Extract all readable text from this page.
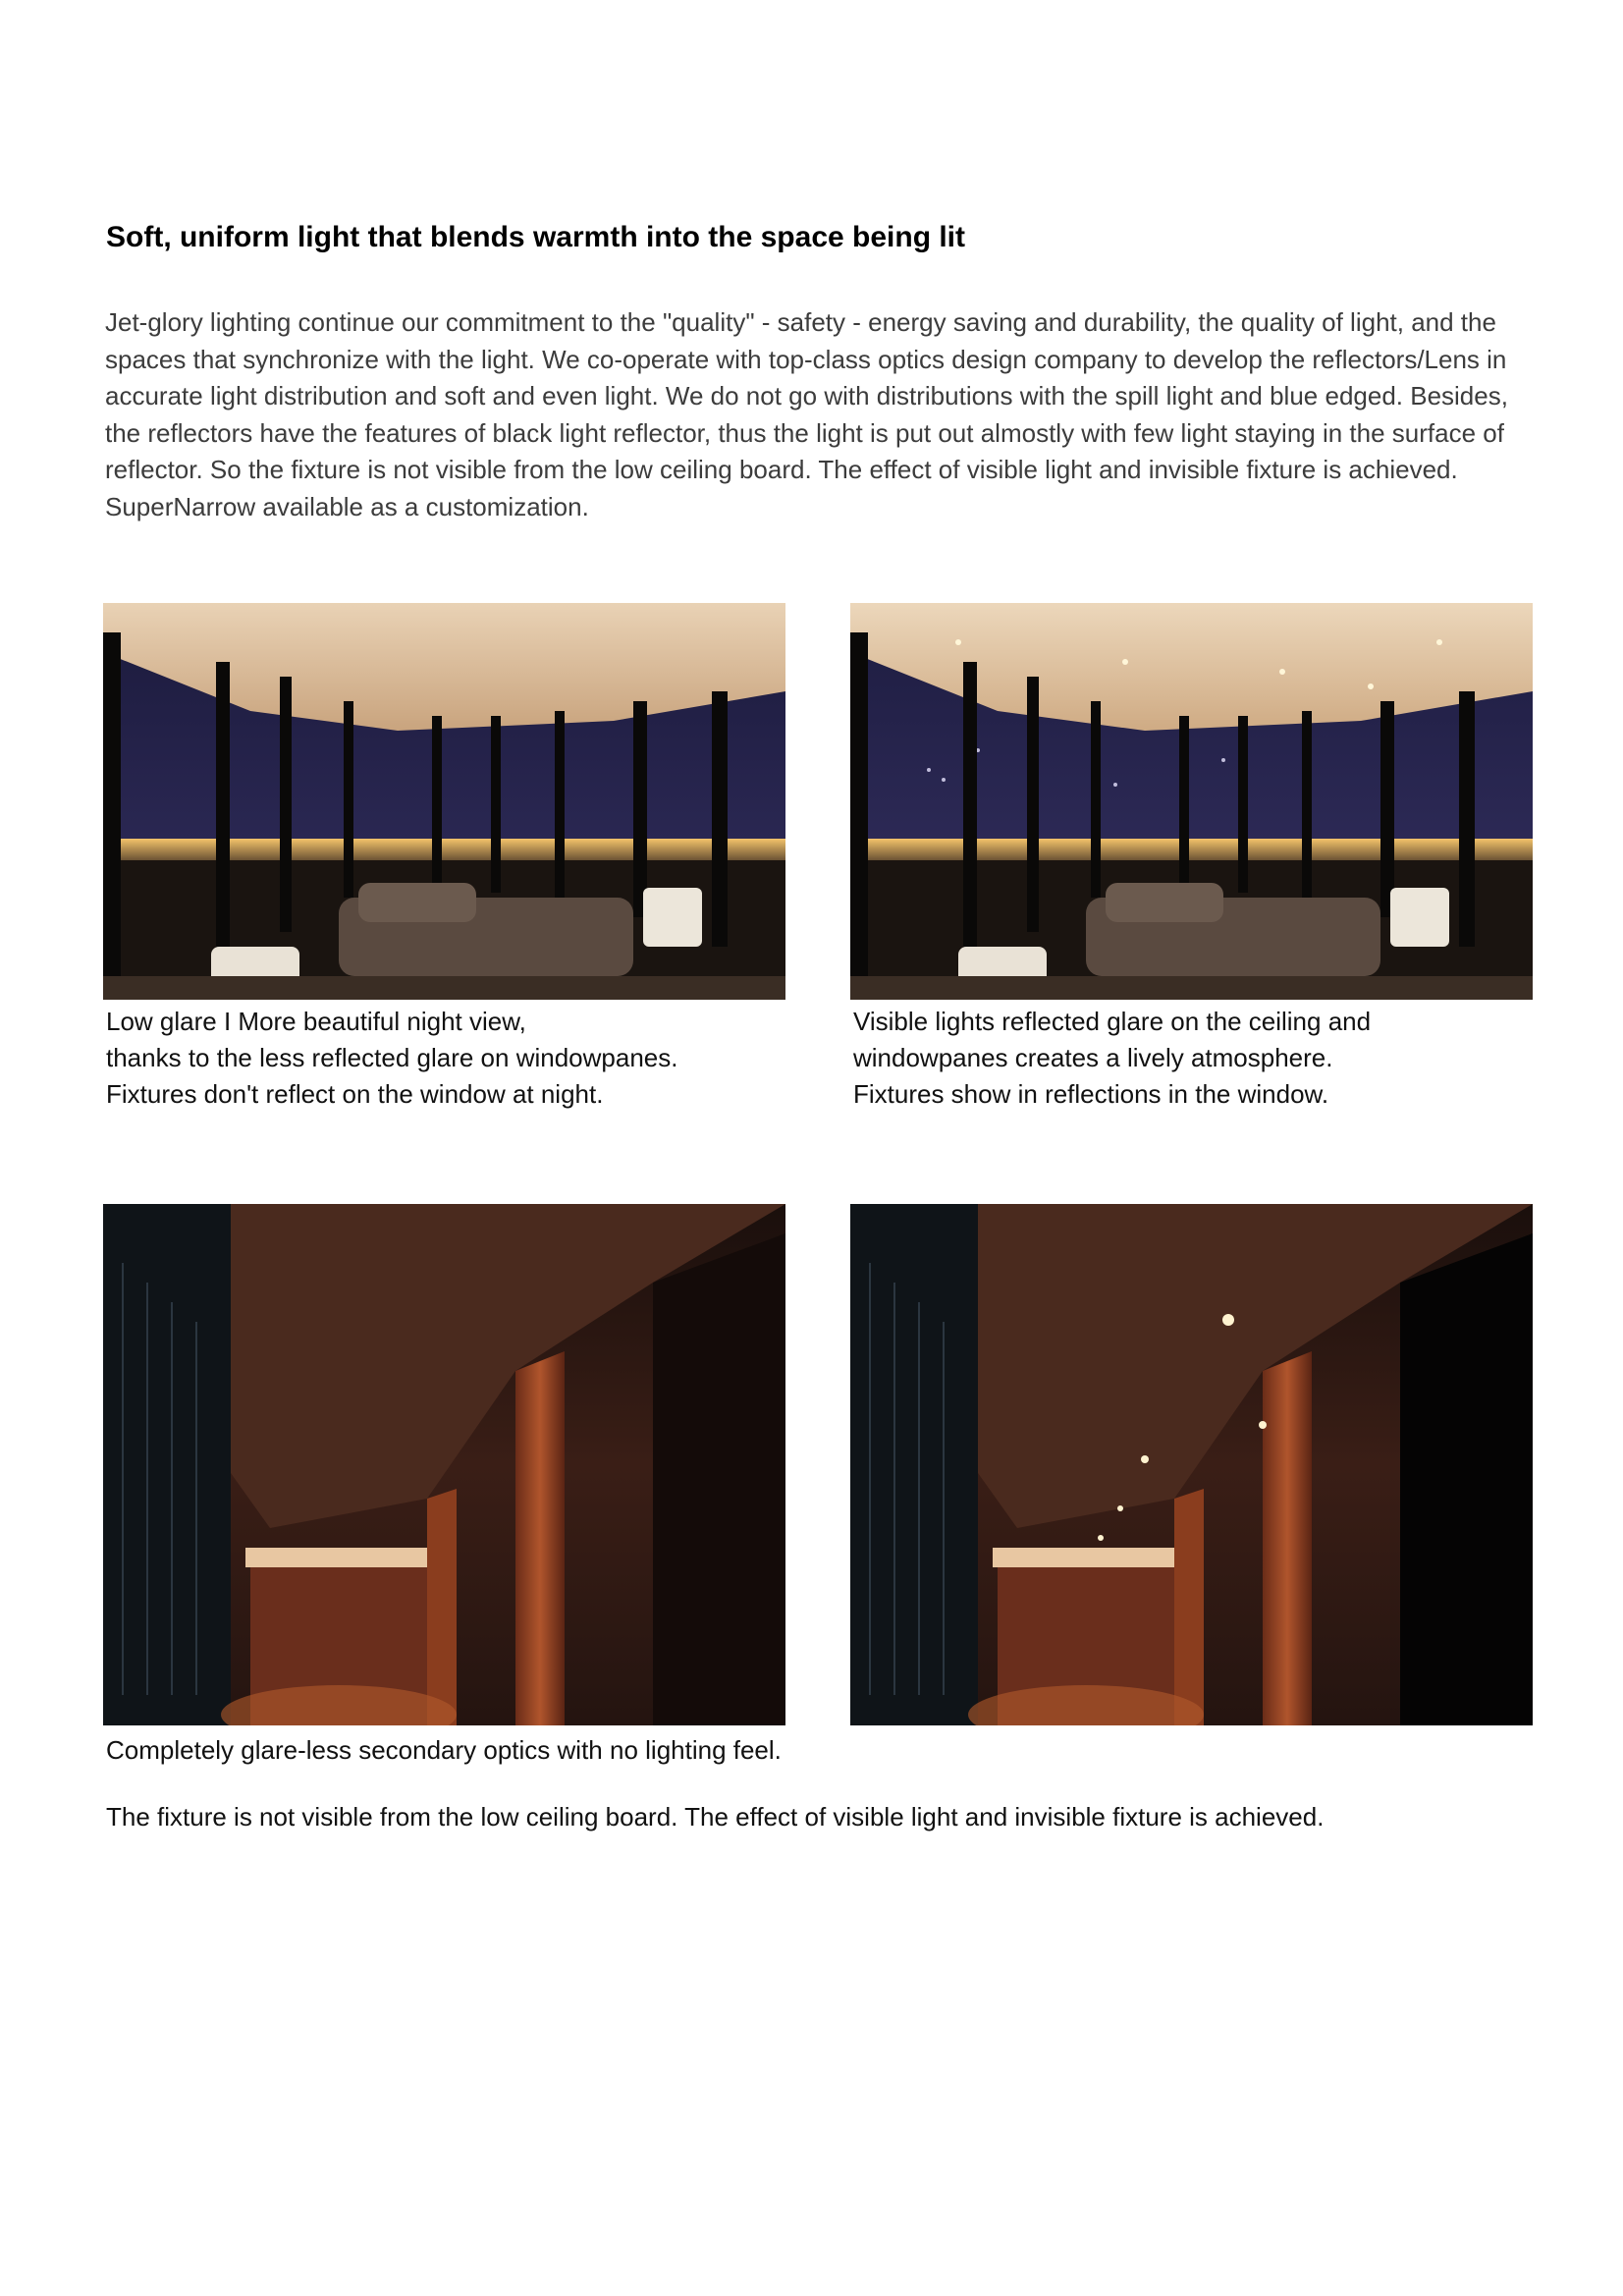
Soft, uniform light that blends warmth into the space being lit
Jet-glory lighting continue our commitment to the "quality" - safety - energy saving and durability, the quality of light, and the spaces that synchronize with the light. We co-operate with top-class optics design company to develop the reflectors/Lens in accurate light distribution and soft and even light. We do not go with distributions with the spill light and blue edged. Besides, the reflectors have the features of black light reflector, thus the light is put out almostly with few light staying in the surface of reflector. So the fixture is not visible from the low ceiling board. The effect of visible light and invisible fixture is achieved. SuperNarrow available as a customization.
Low glare I More beautiful night view,
thanks to the less reflected glare on windowpanes.
Fixtures don't reflect on the window at night.
Visible lights reflected glare on the ceiling and
windowpanes creates a lively atmosphere.
Fixtures show in reflections in the window.
Completely glare-less secondary optics with no lighting feel.
The fixture is not visible from the low ceiling board. The effect of visible light and invisible fixture is achieved.
